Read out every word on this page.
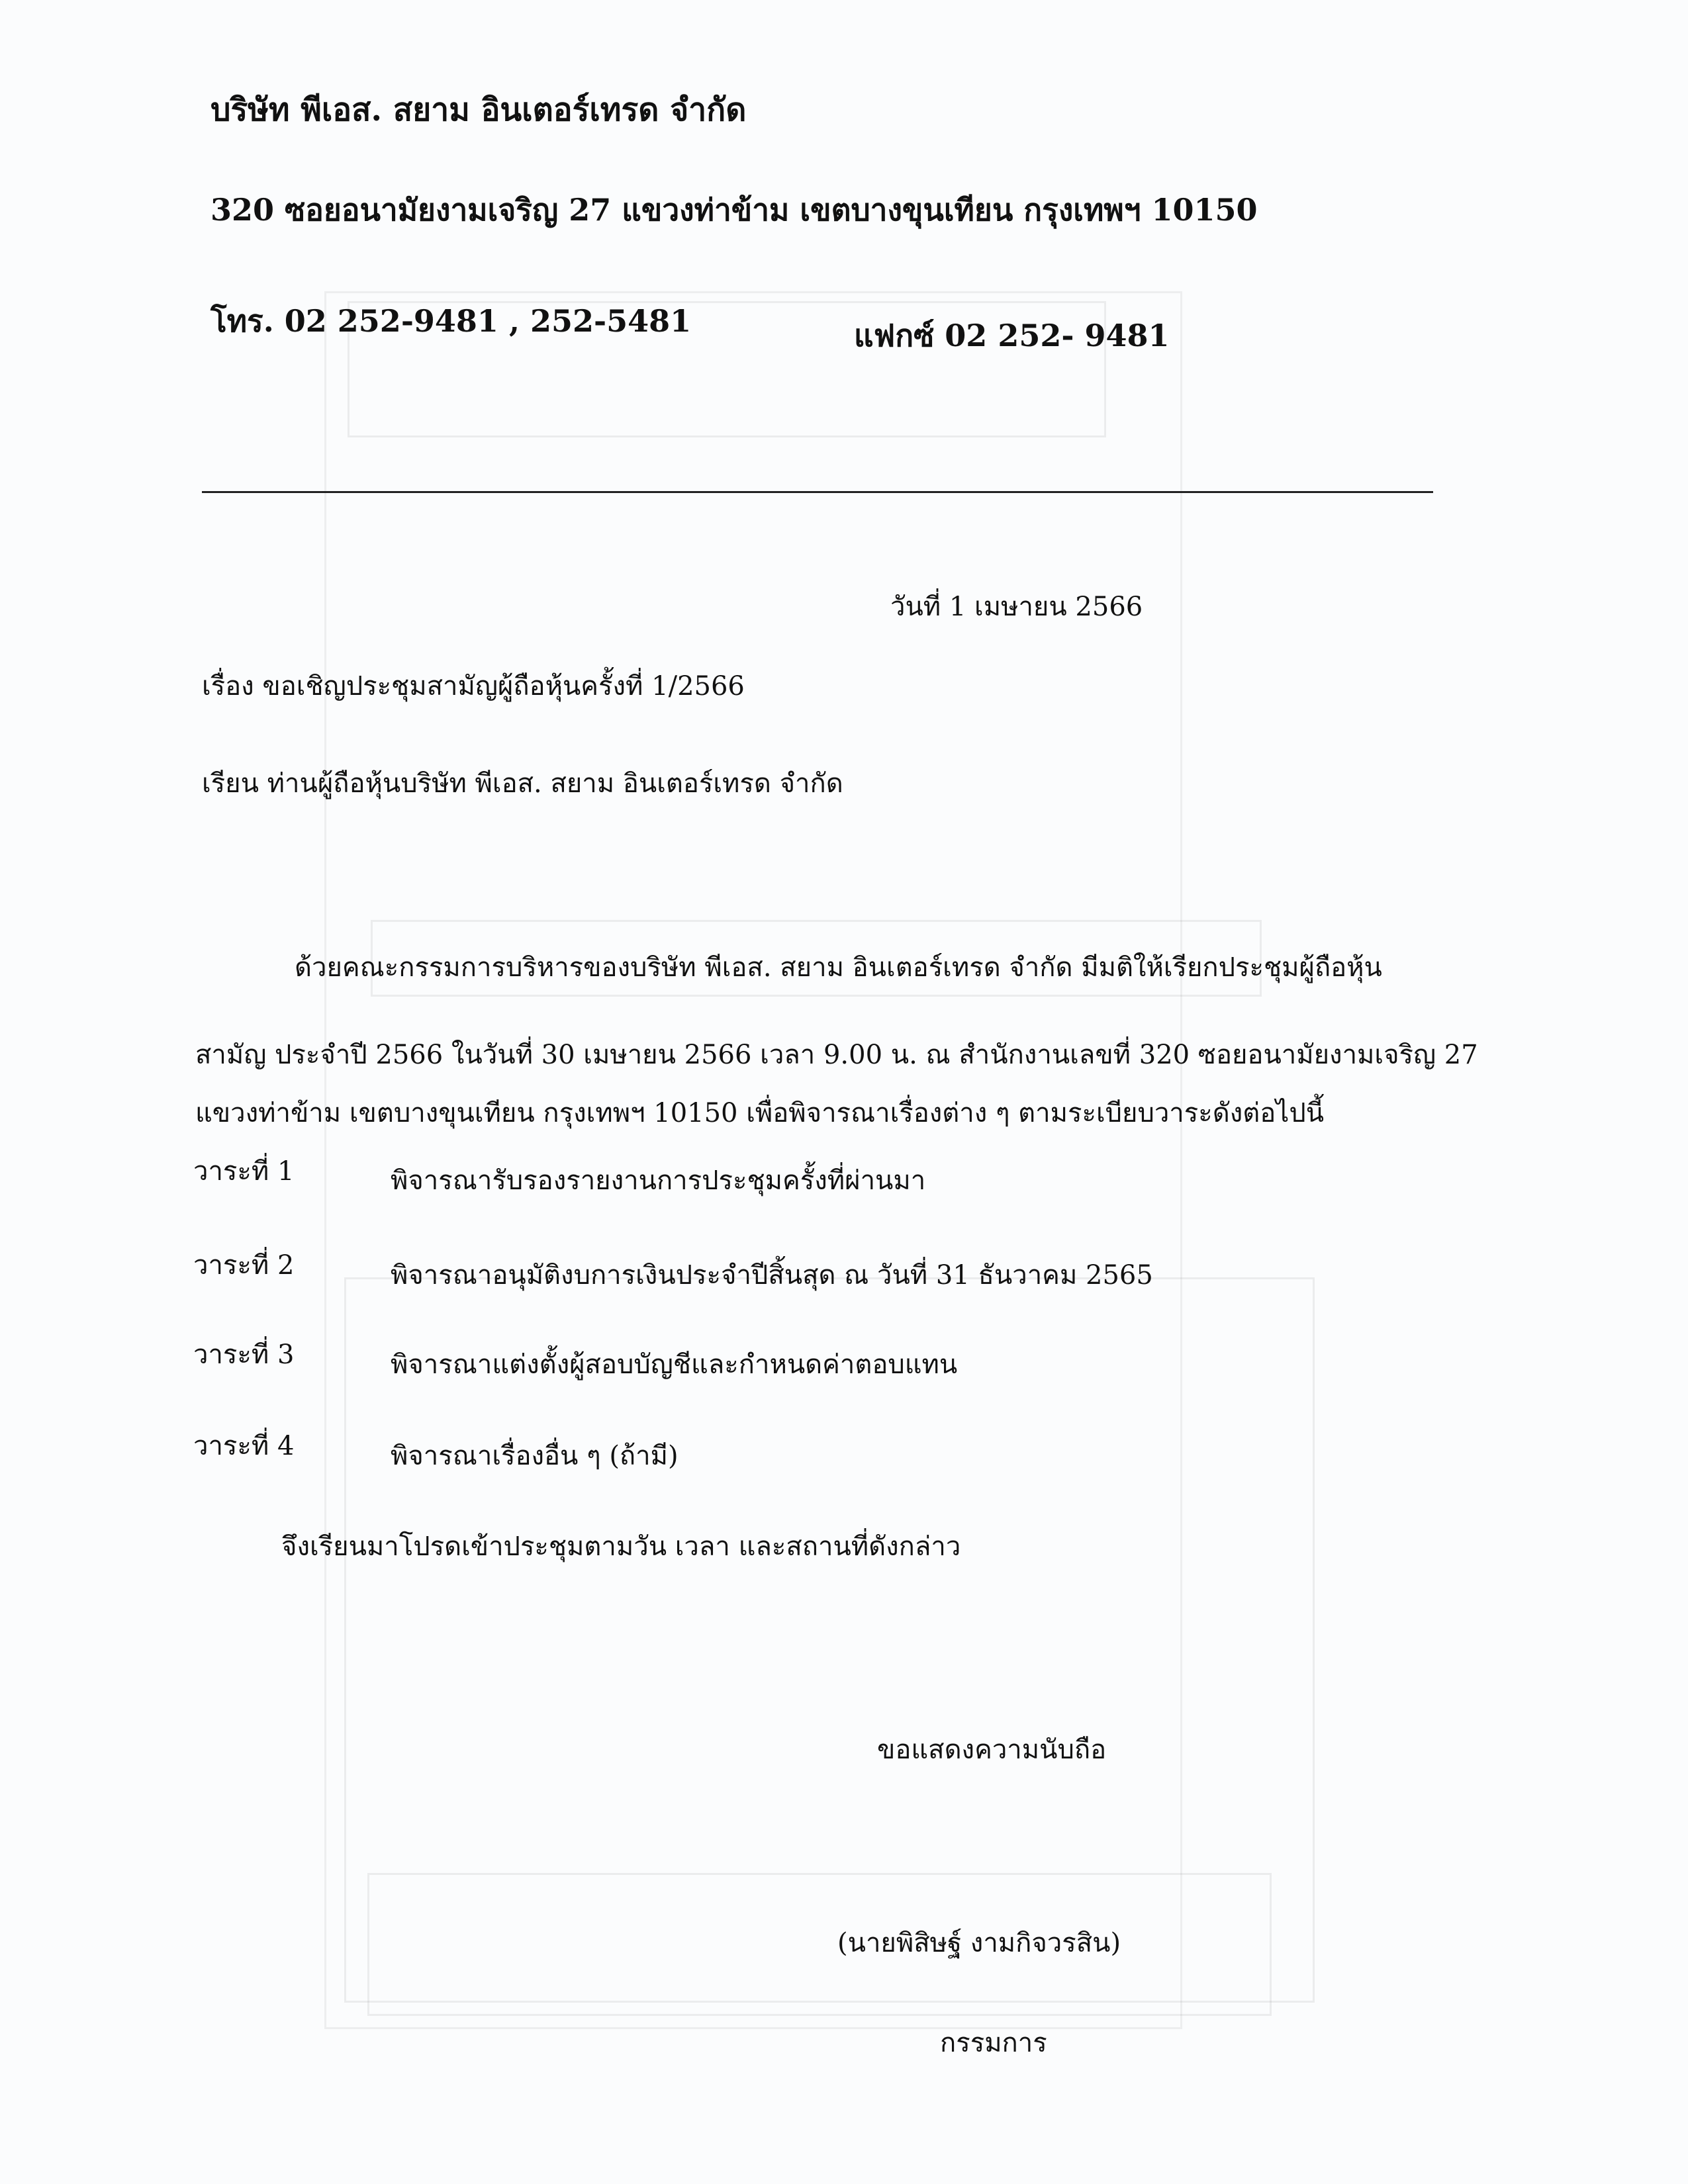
บริษัท พีเอส. สยาม อินเตอร์เทรด จำกัด
320 ซอยอนามัยงามเจริญ 27 แขวงท่าข้าม เขตบางขุนเทียน กรุงเทพฯ 10150
โทร. 02 252-9481 , 252-5481	แฟกซ์ 02 252- 9481
วันที่ 1 เมษายน 2566
เรื่อง ขอเชิญประชุมสามัญผู้ถือหุ้นครั้งที่ 1/2566
เรียน ท่านผู้ถือหุ้นบริษัท พีเอส. สยาม อินเตอร์เทรด จำกัด
ด้วยคณะกรรมการบริหารของบริษัท พีเอส. สยาม อินเตอร์เทรด จำกัด มีมติให้เรียกประชุมผู้ถือหุ้น
สามัญ ประจำปี 2566 ในวันที่ 30 เมษายน 2566 เวลา 9.00 น. ณ สำนักงานเลขที่ 320 ซอยอนามัยงามเจริญ 27
แขวงท่าข้าม เขตบางขุนเทียน กรุงเทพฯ 10150 เพื่อพิจารณาเรื่องต่าง ๆ ตามระเบียบวาระดังต่อไปนี้
วาระที่ 1	พิจารณารับรองรายงานการประชุมครั้งที่ผ่านมา
วาระที่ 2	พิจารณาอนุมัติงบการเงินประจำปีสิ้นสุด ณ วันที่ 31 ธันวาคม 2565
วาระที่ 3	พิจารณาแต่งตั้งผู้สอบบัญชีและกำหนดค่าตอบแทน
วาระที่ 4	พิจารณาเรื่องอื่น ๆ (ถ้ามี)
จึงเรียนมาโปรดเข้าประชุมตามวัน เวลา และสถานที่ดังกล่าว
ขอแสดงความนับถือ
(นายพิสิษฐ์ งามกิจวรสิน)
กรรมการ
